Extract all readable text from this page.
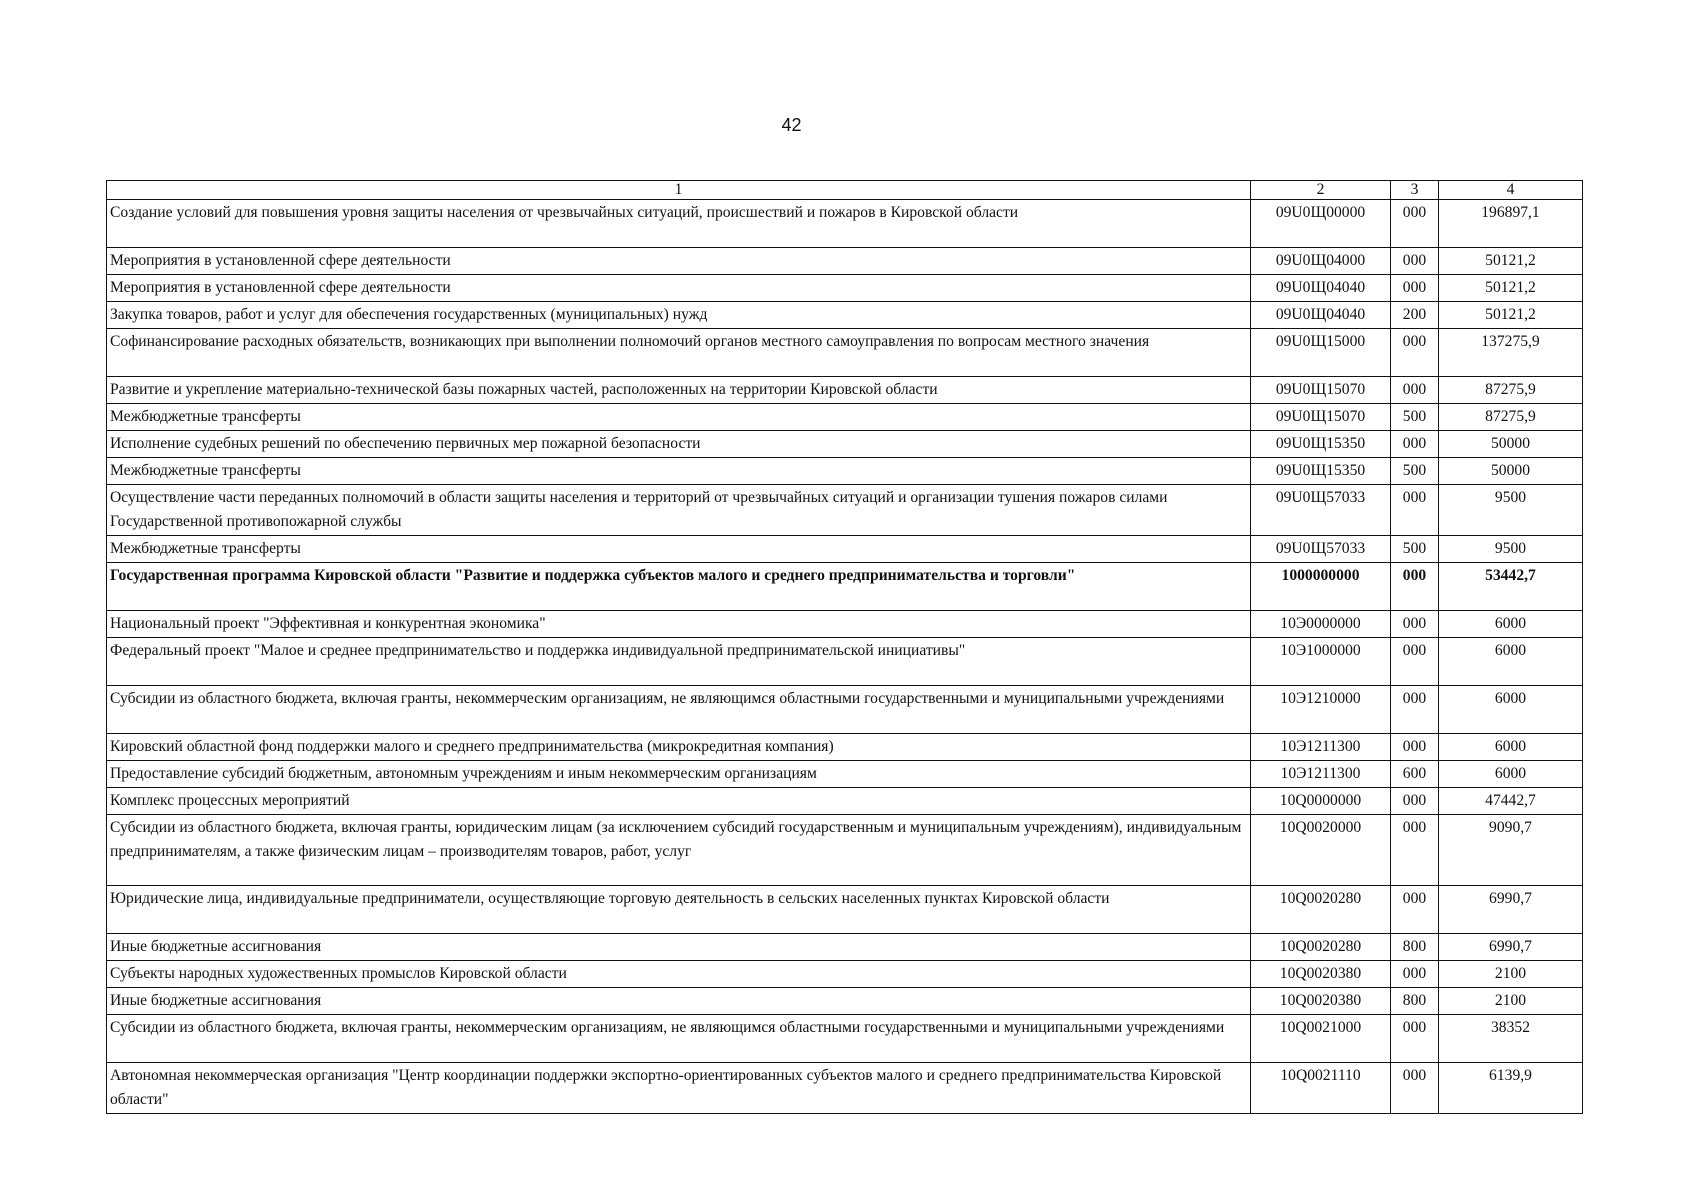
42
1	2	3	4
Создание условий для повышения уровня защиты населения от чрезвычайных ситуаций, происшествий и пожаров в Кировской области	09U0Щ00000	000	196897,1
Мероприятия в установленной сфере деятельности	09U0Щ04000	000	50121,2
Мероприятия в установленной сфере деятельности	09U0Щ04040	000	50121,2
Закупка товаров, работ и услуг для обеспечения государственных (муниципальных) нужд	09U0Щ04040	200	50121,2
Софинансирование расходных обязательств, возникающих при выполнении полномочий органов местного самоуправления по вопросам местного значения	09U0Щ15000	000	137275,9
Развитие и укрепление материально-технической базы пожарных частей, расположенных на территории Кировской области	09U0Щ15070	000	87275,9
Межбюджетные трансферты	09U0Щ15070	500	87275,9
Исполнение судебных решений по обеспечению первичных мер пожарной безопасности	09U0Щ15350	000	50000
Межбюджетные трансферты	09U0Щ15350	500	50000
Осуществление части переданных полномочий в области защиты населения и территорий от чрезвычайных ситуаций и организации тушения пожаров силами Государственной противопожарной службы	09U0Щ57033	000	9500
Межбюджетные трансферты	09U0Щ57033	500	9500
Государственная программа Кировской области "Развитие и поддержка субъектов малого и среднего предпринимательства и торговли"	1000000000	000	53442,7
Национальный проект "Эффективная и конкурентная экономика"	10Э0000000	000	6000
Федеральный проект "Малое и среднее предпринимательство и поддержка индивидуальной предпринимательской инициативы"	10Э1000000	000	6000
Субсидии из областного бюджета, включая гранты, некоммерческим организациям, не являющимся областными государственными и муниципальными учреждениями	10Э1210000	000	6000
Кировский областной фонд поддержки малого и среднего предпринимательства (микрокредитная компания)	10Э1211300	000	6000
Предоставление субсидий бюджетным, автономным учреждениям и иным некоммерческим организациям	10Э1211300	600	6000
Комплекс процессных мероприятий	10Q0000000	000	47442,7
Субсидии из областного бюджета, включая гранты, юридическим лицам (за исключением субсидий государственным и муниципальным учреждениям), индивидуальным предпринимателям, а также физическим лицам – производителям товаров, работ, услуг	10Q0020000	000	9090,7
Юридические лица, индивидуальные предприниматели, осуществляющие торговую деятельность в сельских населенных пунктах Кировской области	10Q0020280	000	6990,7
Иные бюджетные ассигнования	10Q0020280	800	6990,7
Субъекты народных художественных промыслов Кировской области	10Q0020380	000	2100
Иные бюджетные ассигнования	10Q0020380	800	2100
Субсидии из областного бюджета, включая гранты, некоммерческим организациям, не являющимся областными государственными и муниципальными учреждениями	10Q0021000	000	38352
Автономная некоммерческая организация "Центр координации поддержки экспортно-ориентированных субъектов малого и среднего предпринимательства Кировской области"	10Q0021110	000	6139,9
